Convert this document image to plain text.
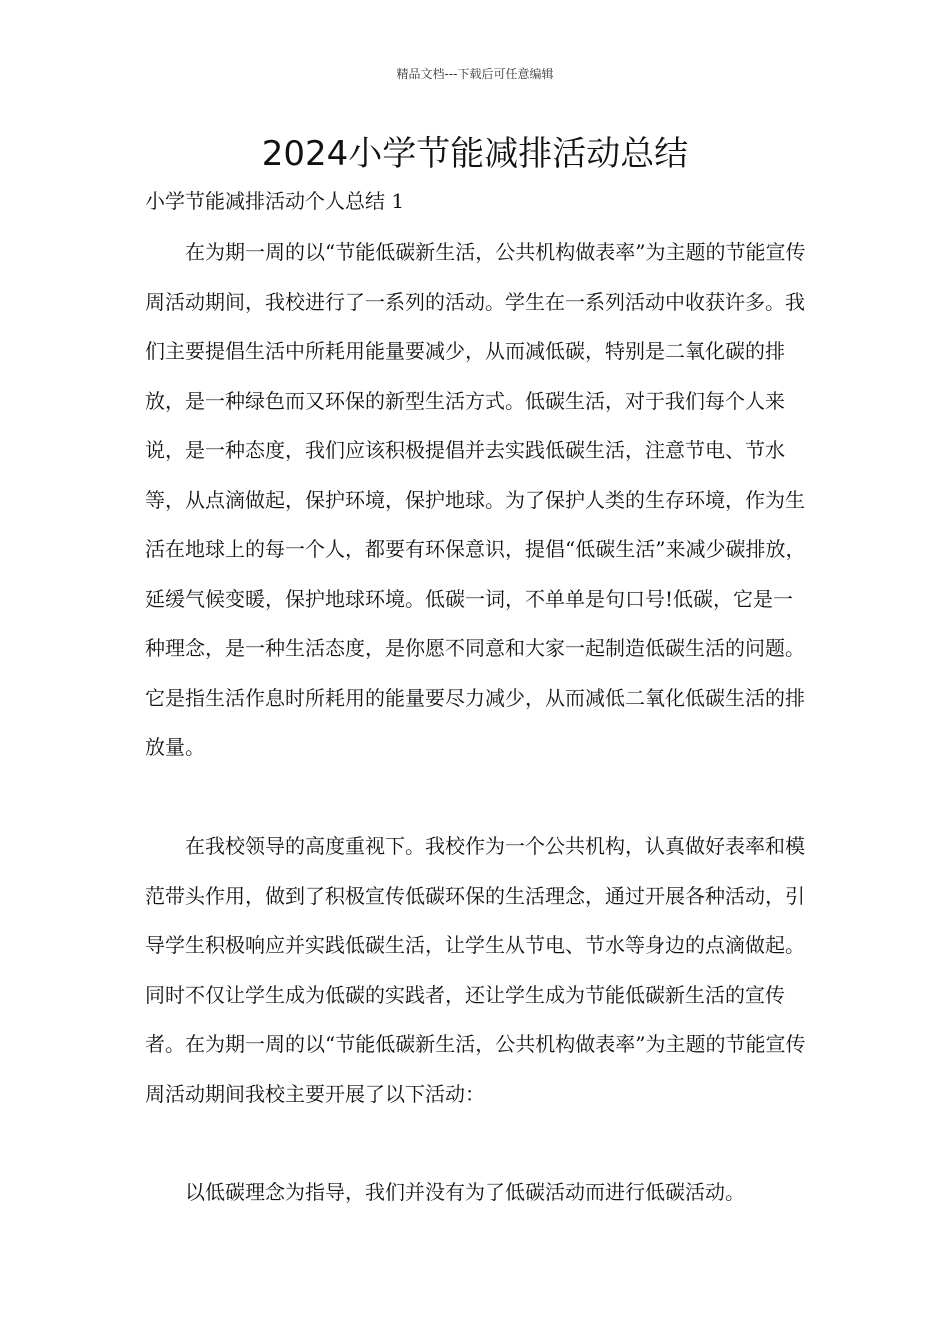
精品文档---下载后可任意编辑
2024小学节能减排活动总结
小学节能减排活动个人总结 1

在为期一周的以“节能低碳新生活，公共机构做表率”为主题的节能宣传周活动期间，我校进行了一系列的活动。学生在一系列活动中收获许多。我们主要提倡生活中所耗用能量要减少，从而减低碳，特别是二氧化碳的排放，是一种绿色而又环保的新型生活方式。低碳生活，对于我们每个人来说，是一种态度，我们应该积极提倡并去实践低碳生活，注意节电、节水等，从点滴做起，保护环境，保护地球。为了保护人类的生存环境，作为生活在地球上的每一个人，都要有环保意识，提倡“低碳生活”来减少碳排放，延缓气候变暖，保护地球环境。低碳一词，不单单是句口号!低碳，它是一种理念，是一种生活态度，是你愿不同意和大家一起制造低碳生活的问题。它是指生活作息时所耗用的能量要尽力减少，从而减低二氧化低碳生活的排放量。

在我校领导的高度重视下。我校作为一个公共机构，认真做好表率和模范带头作用，做到了积极宣传低碳环保的生活理念，通过开展各种活动，引导学生积极响应并实践低碳生活，让学生从节电、节水等身边的点滴做起。同时不仅让学生成为低碳的实践者，还让学生成为节能低碳新生活的宣传者。在为期一周的以“节能低碳新生活，公共机构做表率”为主题的节能宣传周活动期间我校主要开展了以下活动：

以低碳理念为指导，我们并没有为了低碳活动而进行低碳活动。
